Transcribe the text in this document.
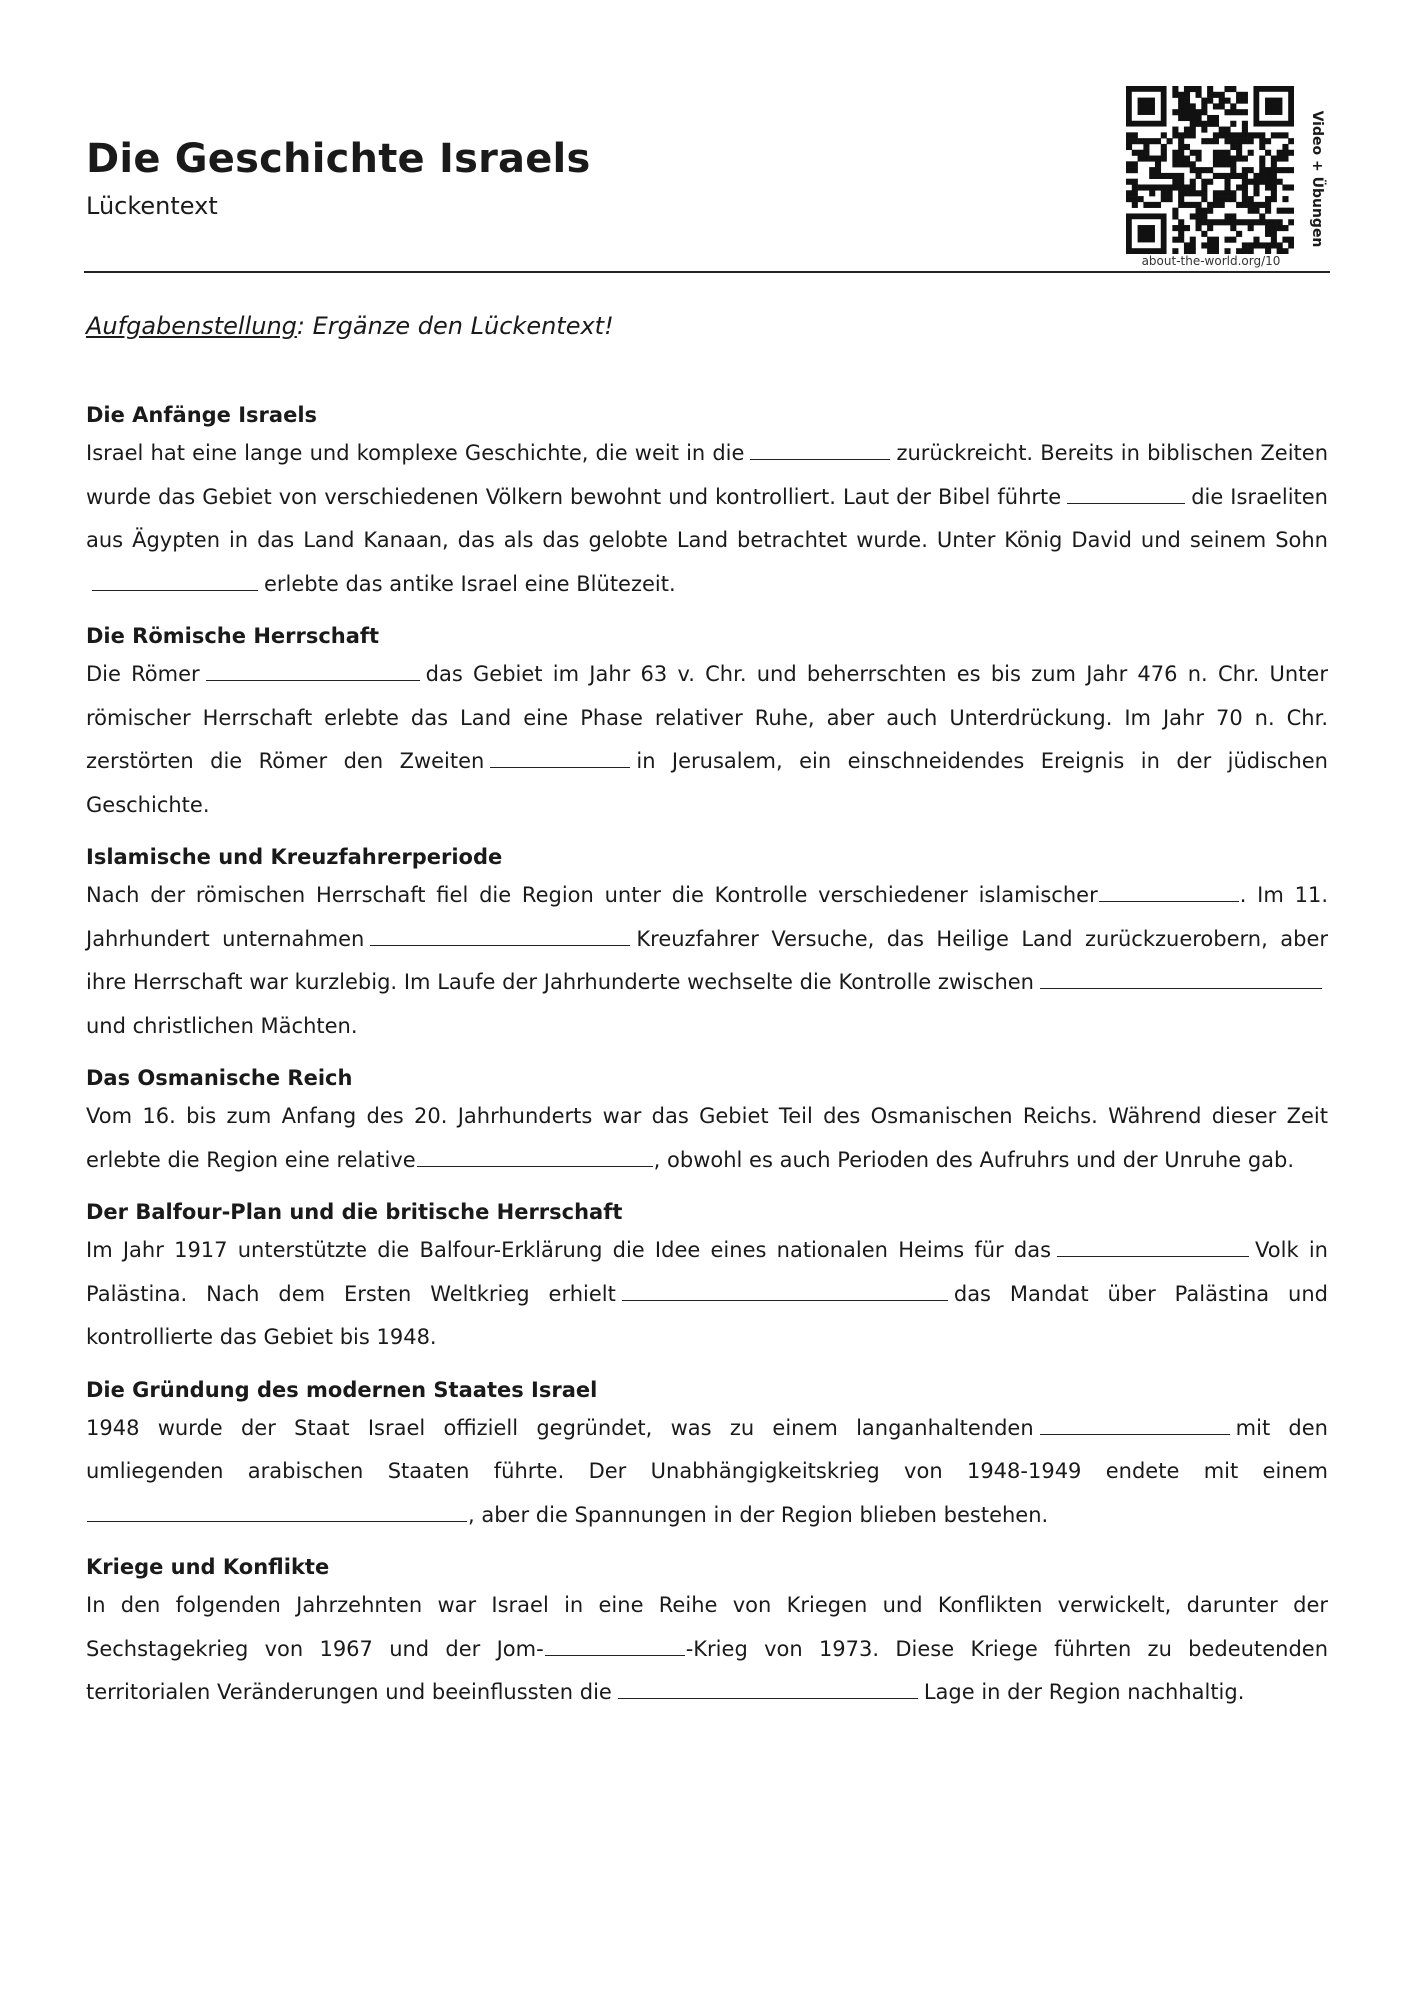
Die Geschichte Israels

Lückentext

about-the-world.org/10
Video + Übungen

Aufgabenstellung: Ergänze den Lückentext!

Die Anfänge Israels

Israel hat eine lange und komplexe Geschichte, die weit in die	zurückreicht. Bereits in biblischen Zeiten wurde das Gebiet von verschiedenen Völkern bewohnt und kontrolliert. Laut der Bibel führte	die Israeliten aus Ägypten in das Land Kanaan, das als das gelobte Land betrachtet wurde. Unter König David und seinem Sohnerlebte das antike Israel eine Blütezeit.

Die Römische Herrschaft

Die Römer	das Gebiet im Jahr 63 v. Chr. und beherrschten es bis zum Jahr 476 n. Chr. Unter römischer Herrschaft erlebte das Land eine Phase relativer Ruhe, aber auch Unterdrückung. Im Jahr 70 n. Chr. zerstörten die Römer den Zweiten	in Jerusalem, ein einschneidendes Ereignis in der jüdischen Geschichte.

Islamische und Kreuzfahrerperiode

Nach der römischen Herrschaft fiel die Region unter die Kontrolle verschiedener islamischer	. Im 11. Jahrhundert unternahmen	Kreuzfahrer Versuche, das Heilige Land zurückzuerobern, aber ihre Herrschaft war kurzlebig. Im Laufe der Jahrhunderte wechselte die Kontrolle zwischenund christlichen Mächten.

Das Osmanische Reich

Vom 16. bis zum Anfang des 20. Jahrhunderts war das Gebiet Teil des Osmanischen Reichs. Während dieser Zeit erlebte die Region eine relative	, obwohl es auch Perioden des Aufruhrs und der Unruhe gab.

Der Balfour-Plan und die britische Herrschaft

Im Jahr 1917 unterstützte die Balfour-Erklärung die Idee eines nationalen Heims für das	Volk in Palästina. Nach dem Ersten Weltkrieg erhielt	das Mandat über Palästina und kontrollierte das Gebiet bis 1948.

Die Gründung des modernen Staates Israel

1948 wurde der Staat Israel offiziell gegründet, was zu einem langanhaltenden	mit den umliegenden arabischen Staaten führte. Der Unabhängigkeitskrieg von 1948-1949 endete mit einem, aber die Spannungen in der Region blieben bestehen.

Kriege und Konflikte

In den folgenden Jahrzehnten war Israel in eine Reihe von Kriegen und Konflikten verwickelt, darunter der Sechstagekrieg von 1967 und der Jom-	-Krieg von 1973. Diese Kriege führten zu bedeutenden territorialen Veränderungen und beeinflussten die	Lage in der Region nachhaltig.
